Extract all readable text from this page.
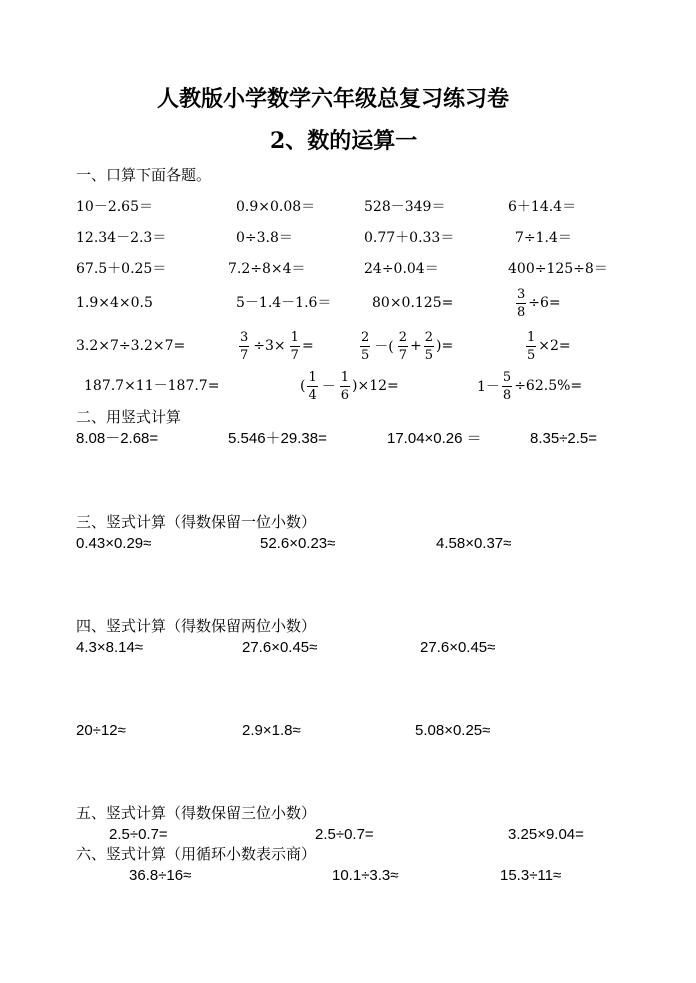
人教版小学数学六年级总复习练习卷
2、数的运算一
一、口算下面各题。
10－2.65＝	0.9×0.08＝	528－349＝	6＋14.4＝
12.34－2.3＝	0÷3.8＝	0.77＋0.33＝	7÷1.4＝
67.5＋0.25＝	7.2÷8×4＝	24÷0.04＝	400÷125÷8＝
1.9×4×0.5	5－1.4－1.6＝	80×0.125=	$\frac{3}{8} \div 6=$
3.2×7÷3.2×7=	$\frac{3}{7} \div 3\times \frac{1}{7}$ =	$\frac{2}{5}$ －( $\frac{2}{7} + \frac{2}{5}$ )=	$\frac{1}{5} \times 2=$
187.7×11－187.7=	( $\frac{1}{4} - \frac{1}{6} )\times 12=$	$1- \frac{5}{8} \div 62.5\%=$
二、用竖式计算
8.08－2.68=	5.546＋29.38=	17.04×0.26 ＝	8.35÷2.5=
三、竖式计算（得数保留一位小数）
0.43×0.29≈	52.6×0.23≈	4.58×0.37≈
四、竖式计算（得数保留两位小数）
4.3×8.14≈	27.6×0.45≈	27.6×0.45≈
20÷12≈	2.9×1.8≈	5.08×0.25≈
五、竖式计算（得数保留三位小数）
2.5÷0.7=	2.5÷0.7=	3.25×9.04=
六、竖式计算（用循环小数表示商）
36.8÷16≈	10.1÷3.3≈	15.3÷11≈
